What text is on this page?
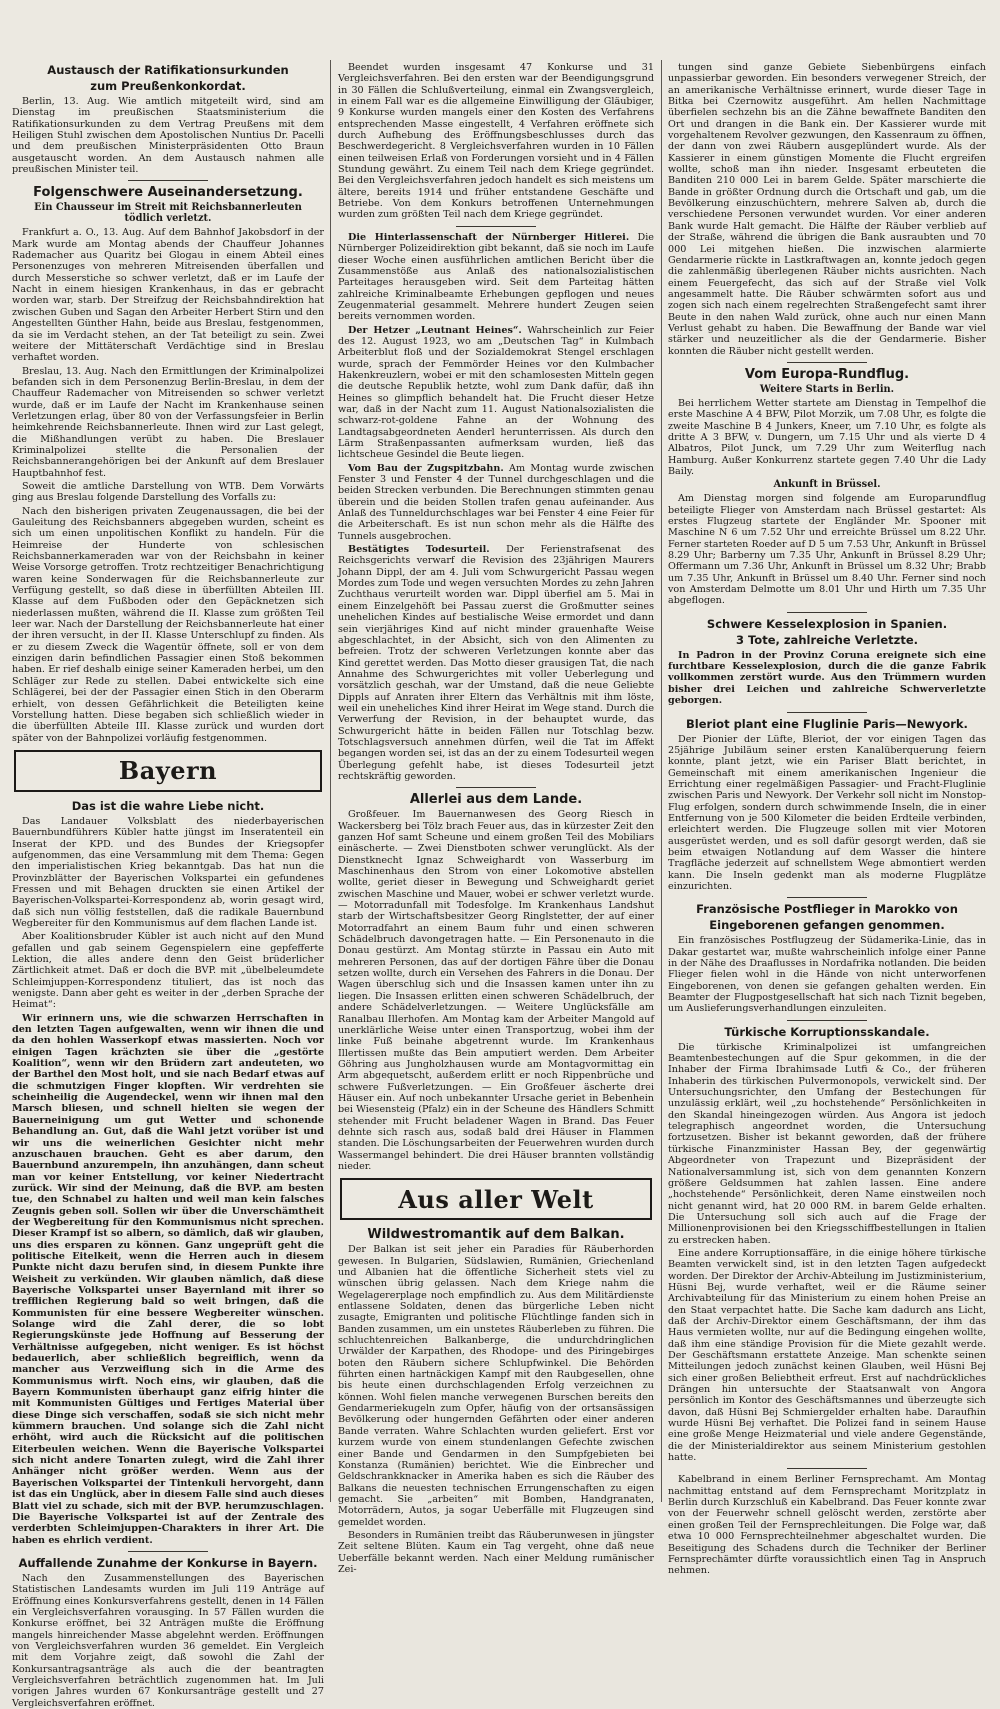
Austausch der Ratifikationsurkunden
zum Preußenkonkordat.

Berlin, 13. Aug. Wie amtlich mitgeteilt wird, sind am Dienstag im preußischen Staatsministerium die Ratifikationsurkunden zu dem Vertrag Preußens mit dem Heiligen Stuhl zwischen dem Apostolischen Nuntius Dr. Pacelli und dem preußischen Ministerpräsidenten Otto Braun ausgetauscht worden. An dem Austausch nahmen alle preußischen Minister teil.

Folgenschwere Auseinandersetzung.
Ein Chausseur im Streit mit Reichsbannerleuten tödlich verletzt.

Frankfurt a. O., 13. Aug. Auf dem Bahnhof Jakobsdorf in der Mark wurde am Montag abends der Chauffeur Johannes Rademacher aus Quaritz bei Glogau in einem Abteil eines Personenzuges von mehreren Mitreisenden überfallen und durch Messerstiche so schwer verletzt, daß er im Laufe der Nacht in einem hiesigen Krankenhaus, in das er gebracht worden war, starb. Der Streifzug der Reichsbahndirektion hat zwischen Guben und Sagan den Arbeiter Herbert Stirn und den Angestellten Günther Hahn, beide aus Breslau, festgenommen, da sie im Verdacht stehen, an der Tat beteiligt zu sein. Zwei weitere der Mittäterschaft Verdächtige sind in Breslau verhaftet worden.

Breslau, 13. Aug. Nach den Ermittlungen der Kriminalpolizei befanden sich in dem Personenzug Berlin-Breslau, in dem der Chauffeur Rademacher von Mitreisenden so schwer verletzt wurde, daß er im Laufe der Nacht im Krankenhause seinen Verletzungen erlag, über 80 von der Verfassungsfeier in Berlin heimkehrende Reichsbannerleute. Ihnen wird zur Last gelegt, die Mißhandlungen verübt zu haben. Die Breslauer Kriminalpolizei stellte die Personalien der Reichsbannerangehörigen bei der Ankunft auf dem Breslauer Hauptbahnhof fest.

Soweit die amtliche Darstellung von WTB. Dem Vorwärts ging aus Breslau folgende Darstellung des Vorfalls zu:

Nach den bisherigen privaten Zeugenaussagen, die bei der Gauleitung des Reichsbanners abgegeben wurden, scheint es sich um einen unpolitischen Konflikt zu handeln. Für die Heimreise der Hunderte von schlesischen Reichsbannerkameraden war von der Reichsbahn in keiner Weise Vorsorge getroffen. Trotz rechtzeitiger Benachrichtigung waren keine Sonderwagen für die Reichsbannerleute zur Verfügung gestellt, so daß diese in überfüllten Abteilen III. Klasse auf dem Fußboden oder den Gepäcknetzen sich niederlassen mußten, während die II. Klasse zum größten Teil leer war. Nach der Darstellung der Reichsbannerleute hat einer der ihren versucht, in der II. Klasse Unterschlupf zu finden. Als er zu diesem Zweck die Wagentür öffnete, soll er von dem einzigen darin befindlichen Passagier einen Stoß bekommen haben. Er rief deshalb einige seiner Kameraden herbei, um den Schläger zur Rede zu stellen. Dabei entwickelte sich eine Schlägerei, bei der der Passagier einen Stich in den Oberarm erhielt, von dessen Gefährlichkeit die Beteiligten keine Vorstellung hatten. Diese begaben sich schließlich wieder in die überfüllten Abteile III. Klasse zurück und wurden dort später von der Bahnpolizei vorläufig festgenommen.

Bayern
Das ist die wahre Liebe nicht.

Das Landauer Volksblatt des niederbayerischen Bauernbundführers Kübler hatte jüngst im Inseratenteil ein Inserat der KPD. und des Bundes der Kriegsopfer aufgenommen, das eine Versammlung mit dem Thema: Gegen den imperialistischen Krieg bekanntgab. Das hat nun die Provinzblätter der Bayerischen Volkspartei ein gefundenes Fressen und mit Behagen druckten sie einen Artikel der Bayerischen-Volkspartei-Korrespondenz ab, worin gesagt wird, daß sich nun völlig feststellen, daß die radikale Bauernbund Wegbereiter für den Kommunismus auf dem flachen Lande ist.

Aber Koalitionsbruder Kübler ist auch nicht auf den Mund gefallen und gab seinem Gegenspielern eine gepfefferte Lektion, die alles andere denn den Geist brüderlicher Zärtlichkeit atmet. Daß er doch die BVP. mit „übelbeleumdete Schleimjuppen-Korrespondenz tituliert, das ist noch das wenigste. Dann aber geht es weiter in der „derben Sprache der Heimat“:

Wir erinnern uns, wie die schwarzen Herrschaften in den letzten Tagen aufgewalten, wenn wir ihnen die und da den hohlen Wasserkopf etwas massierten. Noch vor einigen Tagen krächzten sie über die „gestörte Koalition“, wenn wir den Brüdern zart andeuteten, wo der Barthel den Most holt, und sie nach Bedarf etwas auf die schmutzigen Finger klopften. Wir verdrehten sie scheinheilig die Augendeckel, wenn wir ihnen mal den Marsch bliesen, und schnell hielten sie wegen der Bauerneinigung um gut Wetter und schonende Behandlung an. Gut, daß die Wahl jetzt vorüber ist und wir uns die weinerlichen Gesichter nicht mehr anzuschauen brauchen. Geht es aber darum, den Bauernbund anzurempeln, ihn anzuhängen, dann scheut man vor keiner Entstellung, vor keiner Niedertracht zurück. Wir sind der Meinung, daß die BVP. am besten tue, den Schnabel zu halten und weil man kein falsches Zeugnis geben soll. Sollen wir über die Unverschämtheit der Wegbereitung für den Kommunismus nicht sprechen. Dieser Krampf ist so albern, so dämlich, daß wir glauben, uns dies ersparen zu können. Ganz ungeprüft geht die politische Eitelkeit, wenn die Herren auch in diesem Punkte nicht dazu berufen sind, in diesem Punkte ihre Weisheit zu verkünden. Wir glauben nämlich, daß diese Bayerische Volkspartei unser Bayernland mit ihrer so trefflichen Regierung bald so weit bringen, daß die Kommunisten für eine bessere Wegbereiter wünschen. Solange wird die Zahl derer, die so lobt Regierungskünste jede Hoffnung auf Besserung der Verhältnisse aufgegeben, nicht weniger. Es ist höchst bedauerlich, aber schließlich begreiflich, wenn da mancher aus Verzweiflung sich in die Arme des Kommunismus wirft. Noch eins, wir glauben, daß die Bayern Kommunisten überhaupt ganz eifrig hinter die mit Kommunisten Gültiges und Fertiges Material über diese Dinge sich verschaffen, sodaß sie sich nicht mehr kümmern brauchen. Und solange sich die Zahl nicht erhöht, wird auch die Rücksicht auf die politischen Eiterbeulen weichen. Wenn die Bayerische Volkspartei sich nicht andere Tonarten zulegt, wird die Zahl ihrer Anhänger nicht größer werden. Wenn aus der Bayerischen Volkspartei der Tintenkuli hervorgeht, dann ist das ein Unglück, aber in diesem Falle sind auch dieses Blatt viel zu schade, sich mit der BVP. herumzuschlagen. Die Bayerische Volkspartei ist auf der Zentrale des verderbten Schleimjuppen-Charakters in ihrer Art. Die haben es ehrlich verdient.

Auffallende Zunahme der Konkurse in Bayern.

Nach den Zusammenstellungen des Bayerischen Statistischen Landesamts wurden im Juli 119 Anträge auf Eröffnung eines Konkursverfahrens gestellt, denen in 14 Fällen ein Vergleichsverfahren vorausging. In 57 Fällen wurden die Konkurse eröffnet, bei 32 Anträgen mußte die Eröffnung mangels hinreichender Masse abgelehnt werden. Eröffnungen von Vergleichsverfahren wurden 36 gemeldet. Ein Vergleich mit dem Vorjahre zeigt, daß sowohl die Zahl der Konkursantragsanträge als auch die der beantragten Vergleichsverfahren beträchtlich zugenommen hat. Im Juli vorigen Jahres wurden 67 Konkursanträge gestellt und 27 Vergleichsverfahren eröffnet.

Beendet wurden insgesamt 47 Konkurse und 31 Vergleichsverfahren. Bei den ersten war der Beendigungsgrund in 30 Fällen die Schlußverteilung, einmal ein Zwangsvergleich, in einem Fall war es die allgemeine Einwilligung der Gläubiger, 9 Konkurse wurden mangels einer den Kosten des Verfahrens entsprechenden Masse eingestellt, 4 Verfahren eröffnete sich durch Aufhebung des Eröffnungsbeschlusses durch das Beschwerdegericht. 8 Vergleichsverfahren wurden in 10 Fällen einen teilweisen Erlaß von Forderungen vorsieht und in 4 Fällen Stundung gewährt. Zu einem Teil nach dem Kriege gegründet. Bei den Vergleichsverfahren jedoch handelt es sich meistens um ältere, bereits 1914 und früher entstandene Geschäfte und Betriebe. Von dem Konkurs betroffenen Unternehmungen wurden zum größten Teil nach dem Kriege gegründet.

Die Hinterlassenschaft der Nürnberger Hitlerei. Die Nürnberger Polizeidirektion gibt bekannt, daß sie noch im Laufe dieser Woche einen ausführlichen amtlichen Bericht über die Zusammenstöße aus Anlaß des nationalsozialistischen Parteitages herausgeben wird. Seit dem Parteitag hätten zahlreiche Kriminalbeamte Erhebungen gepflogen und neues Zeugenmaterial gesammelt. Mehrere hundert Zeugen seien bereits vernommen worden.

Der Hetzer „Leutnant Heines“. Wahrscheinlich zur Feier des 12. August 1923, wo am „Deutschen Tag“ in Kulmbach Arbeiterblut floß und der Sozialdemokrat Stengel erschlagen wurde, sprach der Femmörder Heines vor den Kulmbacher Hakenkreuzlern, wobei er mit den schamlosesten Mitteln gegen die deutsche Republik hetzte, wohl zum Dank dafür, daß ihn Heines so glimpflich behandelt hat. Die Frucht dieser Hetze war, daß in der Nacht zum 11. August Nationalsozialisten die schwarz-rot-goldene Fahne an der Wohnung des Landtagsabgeordneten Aenderl herunterrissen. Als durch den Lärm Straßenpassanten aufmerksam wurden, ließ das lichtscheue Gesindel die Beute liegen.

Vom Bau der Zugspitzbahn. Am Montag wurde zwischen Fenster 3 und Fenster 4 der Tunnel durchgeschlagen und die beiden Strecken verbunden. Die Berechnungen stimmten genau überein und die beiden Stollen trafen genau aufeinander. Aus Anlaß des Tunneldurchschlages war bei Fenster 4 eine Feier für die Arbeiterschaft. Es ist nun schon mehr als die Hälfte des Tunnels ausgebrochen.

Bestätigtes Todesurteil. Der Ferienstrafsenat des Reichsgerichts verwarf die Revision des 23jährigen Maurers Johann Dippl, der am 4. Juli vom Schwurgericht Passau wegen Mordes zum Tode und wegen versuchten Mordes zu zehn Jahren Zuchthaus verurteilt worden war. Dippl überfiel am 5. Mai in einem Einzelgehöft bei Passau zuerst die Großmutter seines unehelichen Kindes auf bestialische Weise ermordet und dann sein vierjähriges Kind auf nicht minder grauenhafte Weise abgeschlachtet, in der Absicht, sich von den Alimenten zu befreien. Trotz der schweren Verletzungen konnte aber das Kind gerettet werden. Das Motto dieser grausigen Tat, die nach Annahme des Schwurgerichtes mit voller Ueberlegung und vorsätzlich geschah, war der Umstand, daß die neue Geliebte Dippls auf Anraten ihrer Eltern das Verhältnis mit ihm löste, weil ein uneheliches Kind ihrer Heirat im Wege stand. Durch die Verwerfung der Revision, in der behauptet wurde, das Schwurgericht hätte in beiden Fällen nur Totschlag bezw. Totschlagsversuch annehmen dürfen, weil die Tat im Affekt begangen worden sei, ist das an der zu einem Todesurteil wegen Überlegung gefehlt habe, ist dieses Todesurteil jetzt rechtskräftig geworden.

Allerlei aus dem Lande.

Großfeuer. Im Bauernanwesen des Georg Riesch in Wackersberg bei Tölz brach Feuer aus, das in kürzester Zeit den ganzen Hof samt Scheune und einem großen Teil des Mobiliars einäscherte. — Zwei Dienstboten schwer verunglückt. Als der Dienstknecht Ignaz Schweighardt von Wasserburg im Maschinenhaus den Strom von einer Lokomotive abstellen wollte, geriet dieser in Bewegung und Schweighardt geriet zwischen Maschine und Mauer, wobei er schwer verletzt wurde. — Motorradunfall mit Todesfolge. Im Krankenhaus Landshut starb der Wirtschaftsbesitzer Georg Ringlstetter, der auf einer Motorradfahrt an einem Baum fuhr und einen schweren Schädelbruch davongetragen hatte. — Ein Personenauto in die Donau gestürzt. Am Montag stürzte in Passau ein Auto mit mehreren Personen, das auf der dortigen Fähre über die Donau setzen wollte, durch ein Versehen des Fahrers in die Donau. Der Wagen überschlug sich und die Insassen kamen unter ihn zu liegen. Die Insassen erlitten einen schweren Schädelbruch, der andere Schädelverletzungen. — Weitere Unglücksfälle am Ranalbau Illerhofen. Am Montag kam der Arbeiter Mangold auf unerklärliche Weise unter einen Transportzug, wobei ihm der linke Fuß beinahe abgetrennt wurde. Im Krankenhaus Illertissen mußte das Bein amputiert werden. Dem Arbeiter Göhring aus Jungholzhausen wurde am Montagvormittag ein Arm abgequetscht, außerdem erlitt er noch Rippenbrüche und schwere Fußverletzungen. — Ein Großfeuer äscherte drei Häuser ein. Auf noch unbekannter Ursache geriet in Bebenhein bei Wiesensteig (Pfalz) ein in der Scheune des Händlers Schmitt stehender mit Frucht beladener Wagen in Brand. Das Feuer dehnte sich rasch aus, sodaß bald drei Häuser in Flammen standen. Die Löschungsarbeiten der Feuerwehren wurden durch Wassermangel behindert. Die drei Häuser brannten vollständig nieder.

Aus aller Welt
Wildwestromantik auf dem Balkan.

Der Balkan ist seit jeher ein Paradies für Räuberhorden gewesen. In Bulgarien, Südslawien, Rumänien, Griechenland und Albanien hat die öffentliche Sicherheit stets viel zu wünschen übrig gelassen. Nach dem Kriege nahm die Wegelagererplage noch empfindlich zu. Aus dem Militärdienste entlassene Soldaten, denen das bürgerliche Leben nicht zusagte, Emigranten und politische Flüchtlinge fanden sich in Banden zusammen, um ein unstetes Räuberleben zu führen. Die schluchtenreichen Balkanberge, die undurchdringlichen Urwälder der Karpathen, des Rhodope- und des Piringebirges boten den Räubern sichere Schlupfwinkel. Die Behörden führten einen hartnäckigen Kampf mit den Raubgesellen, ohne bis heute einen durchschlagenden Erfolg verzeichnen zu können. Wohl fielen manche verwegenen Burschen bereits den Gendarmeriekugeln zum Opfer, häufig von der ortsansässigen Bevölkerung oder hungernden Gefährten oder einer anderen Bande verraten. Wahre Schlachten wurden geliefert. Erst vor kurzem wurde von einem stundenlangen Gefechte zwischen einer Bande und Gendarmen in den Sumpfgebieten bei Konstanza (Rumänien) berichtet. Wie die Einbrecher und Geldschrankknacker in Amerika haben es sich die Räuber des Balkans die neuesten technischen Errungenschaften zu eigen gemacht. Sie „arbeiten“ mit Bomben, Handgranaten, Motorrädern, Autos, ja sogar Ueberfälle mit Flugzeugen sind gemeldet worden.

Besonders in Rumänien treibt das Räuberunwesen in jüngster Zeit seltene Blüten. Kaum ein Tag vergeht, ohne daß neue Ueberfälle bekannt werden. Nach einer Meldung rumänischer Zei-

tungen sind ganze Gebiete Siebenbürgens einfach unpassierbar geworden. Ein besonders verwegener Streich, der an amerikanische Verhältnisse erinnert, wurde dieser Tage in Bitka bei Czernowitz ausgeführt. Am hellen Nachmittage überfielen sechzehn bis an die Zähne bewaffnete Banditen den Ort und drangen in die Bank ein. Der Kassierer wurde mit vorgehaltenem Revolver gezwungen, den Kassenraum zu öffnen, der dann von zwei Räubern ausgeplündert wurde. Als der Kassierer in einem günstigen Momente die Flucht ergreifen wollte, schoß man ihn nieder. Insgesamt erbeuteten die Banditen 210 000 Lei in barem Gelde. Später marschierte die Bande in größter Ordnung durch die Ortschaft und gab, um die Bevölkerung einzuschüchtern, mehrere Salven ab, durch die verschiedene Personen verwundet wurden. Vor einer anderen Bank wurde Halt gemacht. Die Hälfte der Räuber verblieb auf der Straße, während die übrigen die Bank ausraubten und 70 000 Lei mitgehen hießen. Die inzwischen alarmierte Gendarmerie rückte in Lastkraftwagen an, konnte jedoch gegen die zahlenmäßig überlegenen Räuber nichts ausrichten. Nach einem Feuergefecht, das sich auf der Straße viel Volk angesammelt hatte. Die Räuber schwärmten sofort aus und zogen sich nach einem regelrechten Straßengefecht samt ihrer Beute in den nahen Wald zurück, ohne auch nur einen Mann Verlust gehabt zu haben. Die Bewaffnung der Bande war viel stärker und neuzeitlicher als die der Gendarmerie. Bisher konnten die Räuber nicht gestellt werden.

Vom Europa-Rundflug.
Weitere Starts in Berlin.

Bei herrlichem Wetter startete am Dienstag in Tempelhof die erste Maschine A 4 BFW, Pilot Morzik, um 7.08 Uhr, es folgte die zweite Maschine B 4 Junkers, Kneer, um 7.10 Uhr, es folgte als dritte A 3 BFW, v. Dungern, um 7.15 Uhr und als vierte D 4 Albatros, Pilot Junck, um 7.29 Uhr zum Weiterflug nach Hamburg. Außer Konkurrenz startete gegen 7.40 Uhr die Lady Baily.

Ankunft in Brüssel.

Am Dienstag morgen sind folgende am Europarundflug beteiligte Flieger von Amsterdam nach Brüssel gestartet: Als erstes Flugzeug startete der Engländer Mr. Spooner mit Maschine N 6 um 7.52 Uhr und erreichte Brüssel um 8.22 Uhr. Ferner starteten Roeder auf D 5 um 7.53 Uhr, Ankunft in Brüssel 8.29 Uhr; Barberny um 7.35 Uhr, Ankunft in Brüssel 8.29 Uhr; Offermann um 7.36 Uhr, Ankunft in Brüssel um 8.32 Uhr; Brabb um 7.35 Uhr, Ankunft in Brüssel um 8.40 Uhr. Ferner sind noch von Amsterdam Delmotte um 8.01 Uhr und Hirth um 7.35 Uhr abgeflogen.

Schwere Kesselexplosion in Spanien.
3 Tote, zahlreiche Verletzte.

In Padron in der Provinz Coruna ereignete sich eine furchtbare Kesselexplosion, durch die die ganze Fabrik vollkommen zerstört wurde. Aus den Trümmern wurden bisher drei Leichen und zahlreiche Schwerverletzte geborgen.

Bleriot plant eine Fluglinie Paris—Newyork.

Der Pionier der Lüfte, Bleriot, der vor einigen Tagen das 25jährige Jubiläum seiner ersten Kanalüberquerung feiern konnte, plant jetzt, wie ein Pariser Blatt berichtet, in Gemeinschaft mit einem amerikanischen Ingenieur die Errichtung einer regelmäßigen Passagier- und Fracht-Fluglinie zwischen Paris und Newyork. Der Verkehr soll nicht im Nonstop-Flug erfolgen, sondern durch schwimmende Inseln, die in einer Entfernung von je 500 Kilometer die beiden Erdteile verbinden, erleichtert werden. Die Flugzeuge sollen mit vier Motoren ausgerüstet werden, und es soll dafür gesorgt werden, daß sie beim etwaigen Notlandung auf dem Wasser die hintere Tragfläche jederzeit auf schnellstem Wege abmontiert werden kann. Die Inseln gedenkt man als moderne Flugplätze einzurichten.

Französische Postflieger in Marokko von
Eingeborenen gefangen genommen.

Ein französisches Postflugzeug der Südamerika-Linie, das in Dakar gestartet war, mußte wahrscheinlich infolge einer Panne in der Nähe des Draaflusses in Nordafrika notlanden. Die beiden Flieger fielen wohl in die Hände von nicht unterworfenen Eingeborenen, von denen sie gefangen gehalten werden. Ein Beamter der Flugpostgesellschaft hat sich nach Tiznit begeben, um Auslieferungsverhandlungen einzuleiten.

Türkische Korruptionsskandale.

Die türkische Kriminalpolizei ist umfangreichen Beamtenbestechungen auf die Spur gekommen, in die der Inhaber der Firma Ibrahimsade Lutfi & Co., der früheren Inhaberin des türkischen Pulvermonopols, verwickelt sind. Der Untersuchungsrichter, den Umfang der Bestechungen für unzulässig erklärt, weil „zu hochstehende“ Persönlichkeiten in den Skandal hineingezogen würden. Aus Angora ist jedoch telegraphisch angeordnet worden, die Untersuchung fortzusetzen. Bisher ist bekannt geworden, daß der frühere türkische Finanzminister Hassan Bey, der gegenwärtig Abgeordneter von Trapezunt und Bizepräsident der Nationalversammlung ist, sich von dem genannten Konzern größere Geldsummen hat zahlen lassen. Eine andere „hochstehende“ Persönlichkeit, deren Name einstweilen noch nicht genannt wird, hat 20 000 RM. in barem Gelde erhalten. Die Untersuchung soll sich auch auf die Frage der Millionenprovisionen bei den Kriegsschiffbestellungen in Italien zu erstrecken haben.

Eine andere Korruptionsaffäre, in die einige höhere türkische Beamten verwickelt sind, ist in den letzten Tagen aufgedeckt worden. Der Direktor der Archiv-Abteilung im Justizministerium, Hüsni Bej, wurde verhaftet, weil er die Räume seiner Archivabteilung für das Ministerium zu einem hohen Preise an den Staat verpachtet hatte. Die Sache kam dadurch ans Licht, daß der Archiv-Direktor einem Geschäftsmann, der ihm das Haus vermieten wollte, nur auf die Bedingung eingehen wollte, daß ihm eine ständige Provision für die Miete gezahlt werde. Der Geschäftsmann erstattete Anzeige. Man schenkte seinen Mitteilungen jedoch zunächst keinen Glauben, weil Hüsni Bej sich einer großen Beliebtheit erfreut. Erst auf nachdrückliches Drängen hin untersuchte der Staatsanwalt von Angora persönlich im Kontor des Geschäftsmannes und überzeugte sich davon, daß Hüsni Bej Schmiergelder erhalten habe. Daraufhin wurde Hüsni Bej verhaftet. Die Polizei fand in seinem Hause eine große Menge Heizmaterial und viele andere Gegenstände, die der Ministerialdirektor aus seinem Ministerium gestohlen hatte.

Kabelbrand in einem Berliner Fernsprechamt. Am Montag nachmittag entstand auf dem Fernsprechamt Moritzplatz in Berlin durch Kurzschluß ein Kabelbrand. Das Feuer konnte zwar von der Feuerwehr schnell gelöscht werden, zerstörte aber einen großen Teil der Fernsprechleitungen. Die Folge war, daß etwa 10 000 Fernsprechteilnehmer abgeschaltet wurden. Die Beseitigung des Schadens durch die Techniker der Berliner Fernsprechämter dürfte voraussichtlich einen Tag in Anspruch nehmen.
